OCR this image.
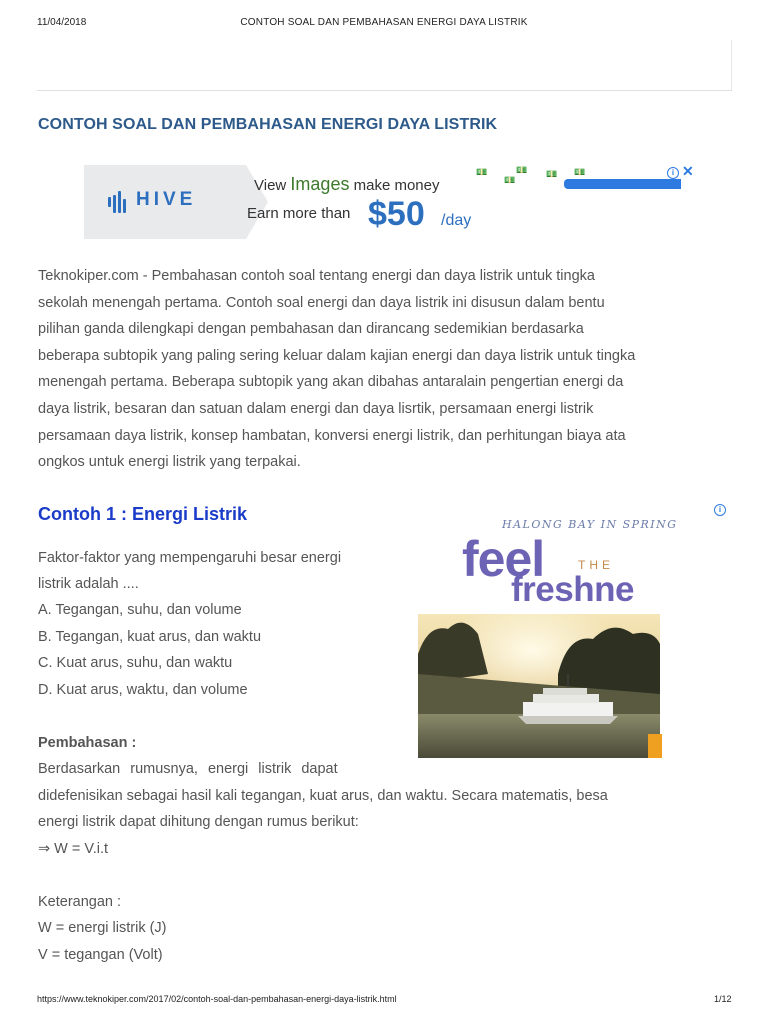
11/04/2018	CONTOH SOAL DAN PEMBAHASAN ENERGI DAYA LISTRIK
CONTOH SOAL DAN PEMBAHASAN ENERGI DAYA LISTRIK
HIVE
View Images make money
Earn more than $50 /day
💵
💵
💵 💵 💵	i ✕

Teknokiper.com - Pembahasan contoh soal tentang energi dan daya listrik untuk tingka

sekolah menengah pertama. Contoh soal energi dan daya listrik ini disusun dalam bentu

pilihan ganda dilengkapi dengan pembahasan dan dirancang sedemikian berdasarka

beberapa subtopik yang paling sering keluar dalam kajian energi dan daya listrik untuk tingka

menengah pertama. Beberapa subtopik yang akan dibahas antaralain pengertian energi da

daya listrik, besaran dan satuan dalam energi dan daya lisrtik, persamaan energi listrik

persamaan daya listrik, konsep hambatan, konversi energi listrik, dan perhitungan biaya ata

ongkos untuk energi listrik yang terpakai.

Contoh 1 : Energi Listrik
Faktor-faktor yang mempengaruhi besar energi
listrik adalah ....
A. Tegangan, suhu, dan volume
B. Tegangan, kuat arus, dan waktu
C. Kuat arus, suhu, dan waktu
D. Kuat arus, waktu, dan volume
Pembahasan :
Berdasarkan rumusnya, energi listrik dapat
didefenisikan sebagai hasil kali tegangan, kuat arus, dan waktu. Secara matematis, besa
energi listrik dapat dihitung dengan rumus berikut:
⇒ W = V.i.t
Keterangan :
W = energi listrik (J)
V = tegangan (Volt)
HALONG BAY IN SPRING
feel	THE
freshne
i
https://www.teknokiper.com/2017/02/contoh-soal-dan-pembahasan-energi-daya-listrik.html	1/12
